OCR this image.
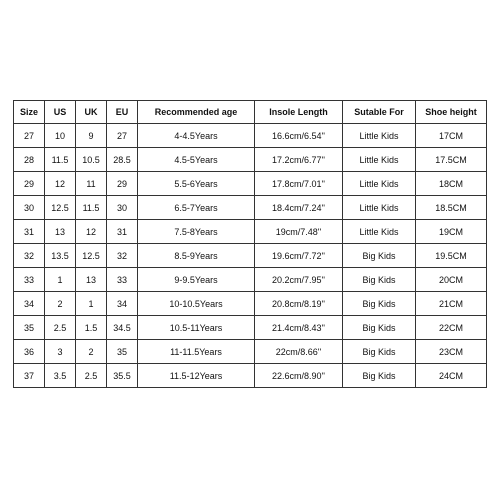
Size	US	UK	EU	Recommended age	Insole Length	Sutable For	Shoe height
27	10	9	27	4-4.5Years	16.6cm/6.54''	Little Kids	17CM
28	11.5	10.5	28.5	4.5-5Years	17.2cm/6.77''	Little Kids	17.5CM
29	12	11	29	5.5-6Years	17.8cm/7.01''	Little Kids	18CM
30	12.5	11.5	30	6.5-7Years	18.4cm/7.24''	Little Kids	18.5CM
31	13	12	31	7.5-8Years	19cm/7.48''	Little Kids	19CM
32	13.5	12.5	32	8.5-9Years	19.6cm/7.72''	Big Kids	19.5CM
33	1	13	33	9-9.5Years	20.2cm/7.95''	Big Kids	20CM
34	2	1	34	10-10.5Years	20.8cm/8.19''	Big Kids	21CM
35	2.5	1.5	34.5	10.5-11Years	21.4cm/8.43''	Big Kids	22CM
36	3	2	35	11-11.5Years	22cm/8.66''	Big Kids	23CM
37	3.5	2.5	35.5	11.5-12Years	22.6cm/8.90''	Big Kids	24CM
